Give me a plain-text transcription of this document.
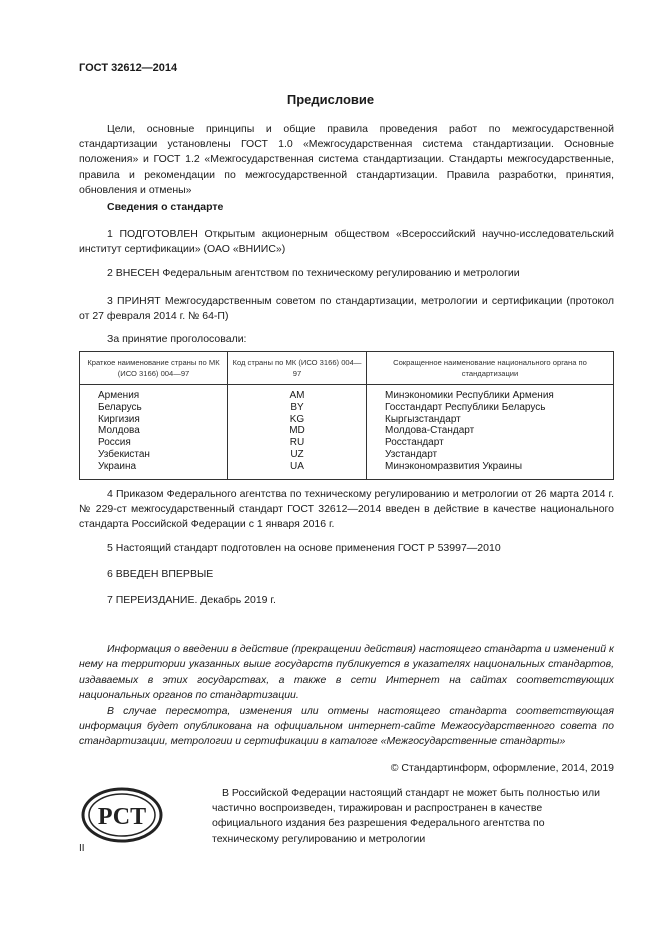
ГОСТ 32612—2014
Предисловие
Цели, основные принципы и общие правила проведения работ по межгосударственной стандартизации установлены ГОСТ 1.0 «Межгосударственная система стандартизации. Основные положения» и ГОСТ 1.2 «Межгосударственная система стандартизации. Стандарты межгосударственные, правила и рекомендации по межгосударственной стандартизации. Правила разработки, принятия, обновления и отмены»
Сведения о стандарте
1 ПОДГОТОВЛЕН Открытым акционерным обществом «Всероссийский научно-исследовательский институт сертификации» (ОАО «ВНИИС»)
2 ВНЕСЕН Федеральным агентством по техническому регулированию и метрологии
3 ПРИНЯТ Межгосударственным советом по стандартизации, метрологии и сертификации (протокол от 27 февраля 2014 г. № 64-П)
За принятие проголосовали:
Краткое наименование страны по МК (ИСО 3166) 004—97	Код страны по МК (ИСО 3166) 004—97	Сокращенное наименование национального органа по стандартизации
Армения	AM	Минэкономики Республики Армения
Беларусь	BY	Госстандарт Республики Беларусь
Киргизия	KG	Кыргызстандарт
Молдова	MD	Молдова-Стандарт
Россия	RU	Росстандарт
Узбекистан	UZ	Узстандарт
Украина	UA	Минэкономразвития Украины
4 Приказом Федерального агентства по техническому регулированию и метрологии от 26 марта 2014 г. № 229-ст межгосударственный стандарт ГОСТ 32612—2014 введен в действие в качестве национального стандарта Российской Федерации с 1 января 2016 г.
5 Настоящий стандарт подготовлен на основе применения ГОСТ Р 53997—2010
6 ВВЕДЕН ВПЕРВЫЕ
7 ПЕРЕИЗДАНИЕ. Декабрь 2019 г.

Информация о введении в действие (прекращении действия) настоящего стандарта и изменений к нему на территории указанных выше государств публикуется в указателях национальных стандартов, издаваемых в этих государствах, а также в сети Интернет на сайтах соответствующих национальных органов по стандартизации.

В случае пересмотра, изменения или отмены настоящего стандарта соответствующая информация будет опубликована на официальном интернет-сайте Межгосударственного совета по стандартизации, метрологии и сертификации в каталоге «Межгосударственные стандарты»

© Стандартинформ, оформление, 2014, 2019
РСТ
В Российской Федерации настоящий стандарт не может быть полностью или частично воспроизведен, тиражирован и распространен в качестве официального издания без разрешения Федерального агентства по техническому регулированию и метрологии
II
